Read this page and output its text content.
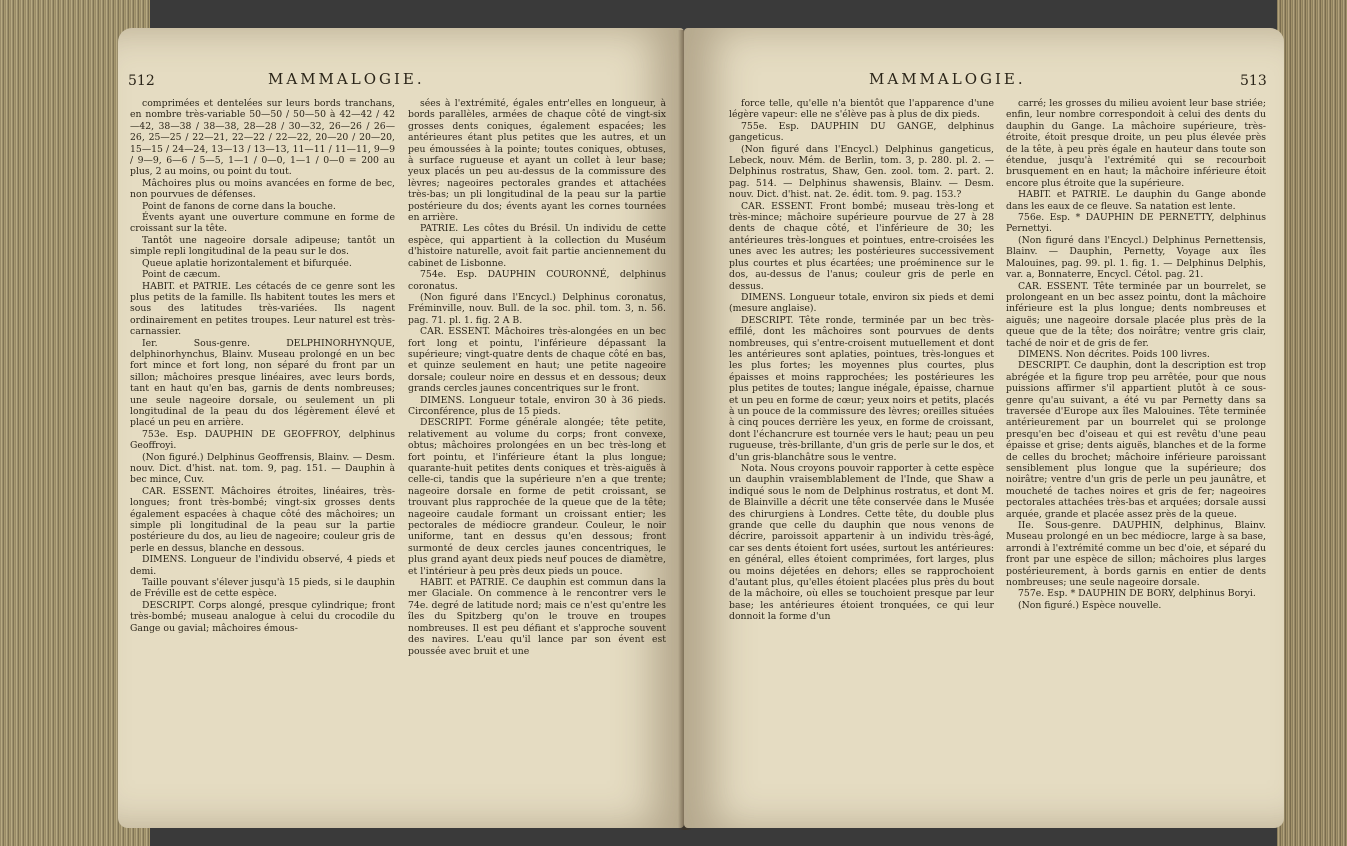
512	MAMMALOGIE.

comprimées et dentelées sur leurs bords tranchans, en nombre très-variable 50—50 / 50—50 à 42—42 / 42—42, 38—38 / 38—38, 28—28 / 30—32, 26—26 / 26—26, 25—25 / 22—21, 22—22 / 22—22, 20—20 / 20—20, 15—15 / 24—24, 13—13 / 13—13, 11—11 / 11—11, 9—9 / 9—9, 6—6 / 5—5, 1—1 / 0—0, 1—1 / 0—0 = 200 au plus, 2 au moins, ou point du tout.

Mâchoires plus ou moins avancées en forme de bec, non pourvues de défenses.

Point de fanons de corne dans la bouche.

Évents ayant une ouverture commune en forme de croissant sur la tête.

Tantôt une nageoire dorsale adipeuse; tantôt un simple repli longitudinal de la peau sur le dos.

Queue aplatie horizontalement et bifurquée.

Point de cæcum.

HABIT. et PATRIE. Les cétacés de ce genre sont les plus petits de la famille. Ils habitent toutes les mers et sous des latitudes très-variées. Ils nagent ordinairement en petites troupes. Leur naturel est très-carnassier.

Ier. Sous-genre. DELPHINORHYNQUE, delphinorhynchus, Blainv. Museau prolongé en un bec fort mince et fort long, non séparé du front par un sillon; mâchoires presque linéaires, avec leurs bords, tant en haut qu'en bas, garnis de dents nombreuses; une seule nageoire dorsale, ou seulement un pli longitudinal de la peau du dos légèrement élevé et placé un peu en arrière.

753e. Esp. DAUPHIN DE GEOFFROY, delphinus Geoffroyi.

(Non figuré.) Delphinus Geoffrensis, Blainv. — Desm. nouv. Dict. d'hist. nat. tom. 9, pag. 151. — Dauphin à bec mince, Cuv.

CAR. ESSENT. Mâchoires étroites, linéaires, très-longues; front très-bombé; vingt-six grosses dents également espacées à chaque côté des mâchoires; un simple pli longitudinal de la peau sur la partie postérieure du dos, au lieu de nageoire; couleur gris de perle en dessus, blanche en dessous.

DIMENS. Longueur de l'individu observé, 4 pieds et demi.

Taille pouvant s'élever jusqu'à 15 pieds, si le dauphin de Fréville est de cette espèce.

DESCRIPT. Corps alongé, presque cylindrique; front très-bombé; museau analogue à celui du crocodile du Gange ou gavial; mâchoires émous-

sées à l'extrémité, égales entr'elles en longueur, à bords parallèles, armées de chaque côté de vingt-six grosses dents coniques, également espacées; les antérieures étant plus petites que les autres, et un peu émoussées à la pointe; toutes coniques, obtuses, à surface rugueuse et ayant un collet à leur base; yeux placés un peu au-dessus de la commissure des lèvres; nageoires pectorales grandes et attachées très-bas; un pli longitudinal de la peau sur la partie postérieure du dos; évents ayant les cornes tournées en arrière.

PATRIE. Les côtes du Brésil. Un individu de cette espèce, qui appartient à la collection du Muséum d'histoire naturelle, avoit fait partie anciennement du cabinet de Lisbonne.

754e. Esp. DAUPHIN COURONNÉ, delphinus coronatus.

(Non figuré dans l'Encycl.) Delphinus coronatus, Fréminville, nouv. Bull. de la soc. phil. tom. 3, n. 56. pag. 71. pl. 1. fig. 2 A B.

CAR. ESSENT. Mâchoires très-alongées en un bec fort long et pointu, l'inférieure dépassant la supérieure; vingt-quatre dents de chaque côté en bas, et quinze seulement en haut; une petite nageoire dorsale; couleur noire en dessus et en dessous; deux grands cercles jaunes concentriques sur le front.

DIMENS. Longueur totale, environ 30 à 36 pieds. Circonférence, plus de 15 pieds.

DESCRIPT. Forme générale alongée; tête petite, relativement au volume du corps; front convexe, obtus; mâchoires prolongées en un bec très-long et fort pointu, et l'inférieure étant la plus longue; quarante-huit petites dents coniques et très-aiguës à celle-ci, tandis que la supérieure n'en a que trente; nageoire dorsale en forme de petit croissant, se trouvant plus rapprochée de la queue que de la tête; nageoire caudale formant un croissant entier; les pectorales de médiocre grandeur. Couleur, le noir uniforme, tant en dessus qu'en dessous; front surmonté de deux cercles jaunes concentriques, le plus grand ayant deux pieds neuf pouces de diamètre, et l'intérieur à peu près deux pieds un pouce.

HABIT. et PATRIE. Ce dauphin est commun dans la mer Glaciale. On commence à le rencontrer vers le 74e. degré de latitude nord; mais ce n'est qu'entre les îles du Spitzberg qu'on le trouve en troupes nombreuses. Il est peu défiant et s'approche souvent des navires. L'eau qu'il lance par son évent est poussée avec bruit et une

MAMMALOGIE.	513

force telle, qu'elle n'a bientôt que l'apparence d'une légère vapeur: elle ne s'élève pas à plus de dix pieds.

755e. Esp. DAUPHIN DU GANGE, delphinus gangeticus.

(Non figuré dans l'Encycl.) Delphinus gangeticus, Lebeck, nouv. Mém. de Berlin, tom. 3, p. 280. pl. 2. — Delphinus rostratus, Shaw, Gen. zool. tom. 2. part. 2. pag. 514. — Delphinus shawensis, Blainv. — Desm. nouv. Dict. d'hist. nat. 2e. édit. tom. 9. pag. 153.?

CAR. ESSENT. Front bombé; museau très-long et très-mince; mâchoire supérieure pourvue de 27 à 28 dents de chaque côté, et l'inférieure de 30; les antérieures très-longues et pointues, entre-croisées les unes avec les autres; les postérieures successivement plus courtes et plus écartées; une proéminence sur le dos, au-dessus de l'anus; couleur gris de perle en dessus.

DIMENS. Longueur totale, environ six pieds et demi (mesure anglaise).

DESCRIPT. Tête ronde, terminée par un bec très-effilé, dont les mâchoires sont pourvues de dents nombreuses, qui s'entre-croisent mutuellement et dont les antérieures sont aplaties, pointues, très-longues et les plus fortes; les moyennes plus courtes, plus épaisses et moins rapprochées; les postérieures les plus petites de toutes; langue inégale, épaisse, charnue et un peu en forme de cœur; yeux noirs et petits, placés à un pouce de la commissure des lèvres; oreilles situées à cinq pouces derrière les yeux, en forme de croissant, dont l'échancrure est tournée vers le haut; peau un peu rugueuse, très-brillante, d'un gris de perle sur le dos, et d'un gris-blanchâtre sous le ventre.

Nota. Nous croyons pouvoir rapporter à cette espèce un dauphin vraisemblablement de l'Inde, que Shaw a indiqué sous le nom de Delphinus rostratus, et dont M. de Blainville a décrit une tête conservée dans le Musée des chirurgiens à Londres. Cette tête, du double plus grande que celle du dauphin que nous venons de décrire, paroissoit appartenir à un individu très-âgé, car ses dents étoient fort usées, surtout les antérieures: en général, elles étoient comprimées, fort larges, plus ou moins déjetées en dehors; elles se rapprochoient d'autant plus, qu'elles étoient placées plus près du bout de la mâchoire, où elles se touchoient presque par leur base; les antérieures étoient tronquées, ce qui leur donnoit la forme d'un

carré; les grosses du milieu avoient leur base striée; enfin, leur nombre correspondoit à celui des dents du dauphin du Gange. La mâchoire supérieure, très-étroite, étoit presque droite, un peu plus élevée près de la tête, à peu près égale en hauteur dans toute son étendue, jusqu'à l'extrémité qui se recourboit brusquement en en haut; la mâchoire inférieure étoit encore plus étroite que la supérieure.

HABIT. et PATRIE. Le dauphin du Gange abonde dans les eaux de ce fleuve. Sa natation est lente.

756e. Esp. * DAUPHIN DE PERNETTY, delphinus Pernettyi.

(Non figuré dans l'Encycl.) Delphinus Pernettensis, Blainv. — Dauphin, Pernetty, Voyage aux îles Malouines, pag. 99. pl. 1. fig. 1. — Delphinus Delphis, var. a, Bonnaterre, Encycl. Cétol. pag. 21.

CAR. ESSENT. Tête terminée par un bourrelet, se prolongeant en un bec assez pointu, dont la mâchoire inférieure est la plus longue; dents nombreuses et aiguës; une nageoire dorsale placée plus près de la queue que de la tête; dos noirâtre; ventre gris clair, taché de noir et de gris de fer.

DIMENS. Non décrites. Poids 100 livres.

DESCRIPT. Ce dauphin, dont la description est trop abrégée et la figure trop peu arrêtée, pour que nous puissions affirmer s'il appartient plutôt à ce sous-genre qu'au suivant, a été vu par Pernetty dans sa traversée d'Europe aux îles Malouines. Tête terminée antérieurement par un bourrelet qui se prolonge presqu'en bec d'oiseau et qui est revêtu d'une peau épaisse et grise; dents aiguës, blanches et de la forme de celles du brochet; mâchoire inférieure paroissant sensiblement plus longue que la supérieure; dos noirâtre; ventre d'un gris de perle un peu jaunâtre, et moucheté de taches noires et gris de fer; nageoires pectorales attachées très-bas et arquées; dorsale aussi arquée, grande et placée assez près de la queue.

IIe. Sous-genre. DAUPHIN, delphinus, Blainv. Museau prolongé en un bec médiocre, large à sa base, arrondi à l'extrémité comme un bec d'oie, et séparé du front par une espèce de sillon; mâchoires plus larges postérieurement, à bords garnis en entier de dents nombreuses; une seule nageoire dorsale.

757e. Esp. * DAUPHIN DE BORY, delphinus Boryi.

(Non figuré.) Espèce nouvelle.
